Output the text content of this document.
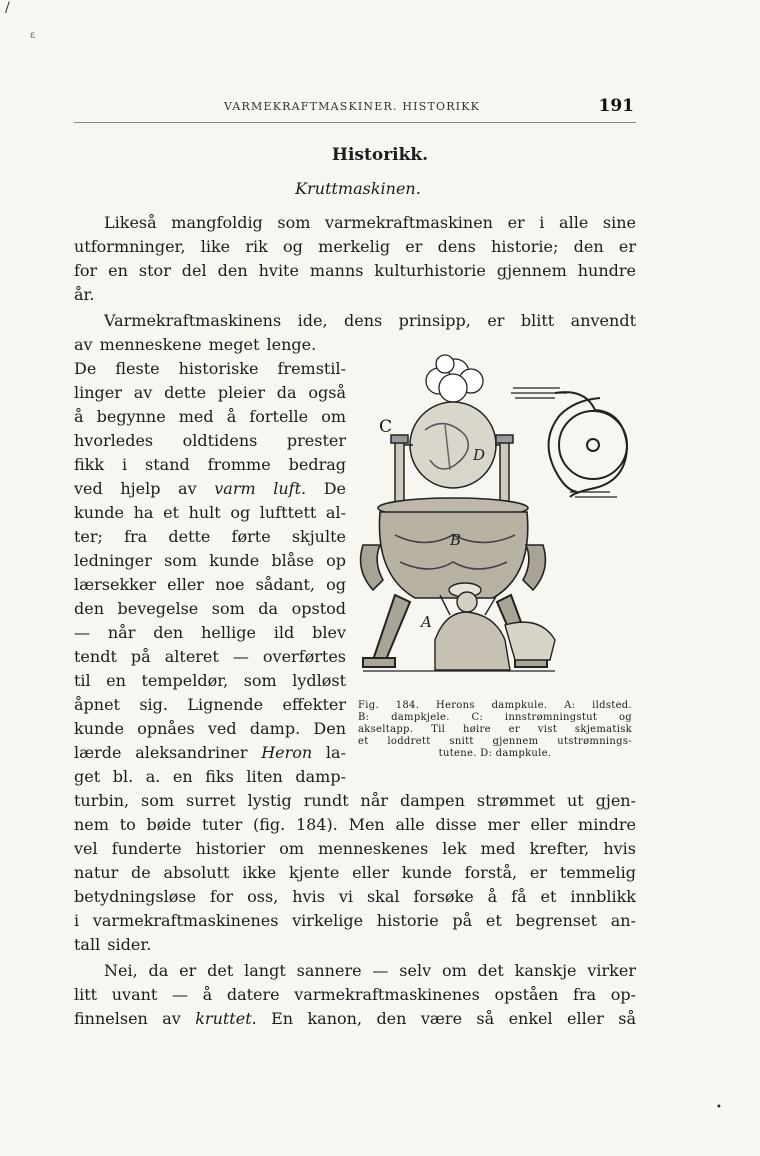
/
ɛ
•
VARMEKRAFTMASKINER. HISTORIKK	191
Historikk.
Kruttmaskinen.
Likeså mangfoldig som varmekraftmaskinen er i alle sine
utformninger, like rik og merkelig er dens historie; den er
for en stor del den hvite manns kulturhistorie gjennem hundre
år.
Varmekraftmaskinens ide, dens prinsipp, er blitt anvendt
av menneskene meget lenge.
De fleste historiske fremstil-
linger av dette pleier da også
å begynne med å fortelle om
hvorledes oldtidens prester
fikk i stand fromme bedrag
ved hjelp av varm luft. De
kunde ha et hult og lufttett al-
ter; fra dette førte skjulte
ledninger som kunde blåse op
lærsekker eller noe sådant, og
den bevegelse som da opstod
— når den hellige ild blev
tendt på alteret — overførtes
til en tempeldør, som lydløst
åpnet sig. Lignende effekter
kunde opnåes ved damp. Den
lærde aleksandriner Heron la-
get bl. a. en fiks liten damp-
turbin, som surret lystig rundt når dampen strømmet ut gjen-
nem to bøide tuter (fig. 184). Men alle disse mer eller mindre
vel funderte historier om menneskenes lek med krefter, hvis
natur de absolutt ikke kjente eller kunde forstå, er temmelig
betydningsløse for oss, hvis vi skal forsøke å få et innblikk
i varmekraftmaskinenes virkelige historie på et begrenset an-
tall sider.
Nei, da er det langt sannere — selv om det kanskje virker
litt uvant — å datere varmekraftmaskinenes opståen fra op-
finnelsen av kruttet. En kanon, den være så enkel eller så
C
D
B
A
Fig. 184. Herons dampkule. A: ildsted.
B: dampkjele. C: innstrømningstut og
akseltapp. Til høire er vist skjematisk
et loddrett snitt gjennem utstrømnings-
tutene. D: dampkule.
